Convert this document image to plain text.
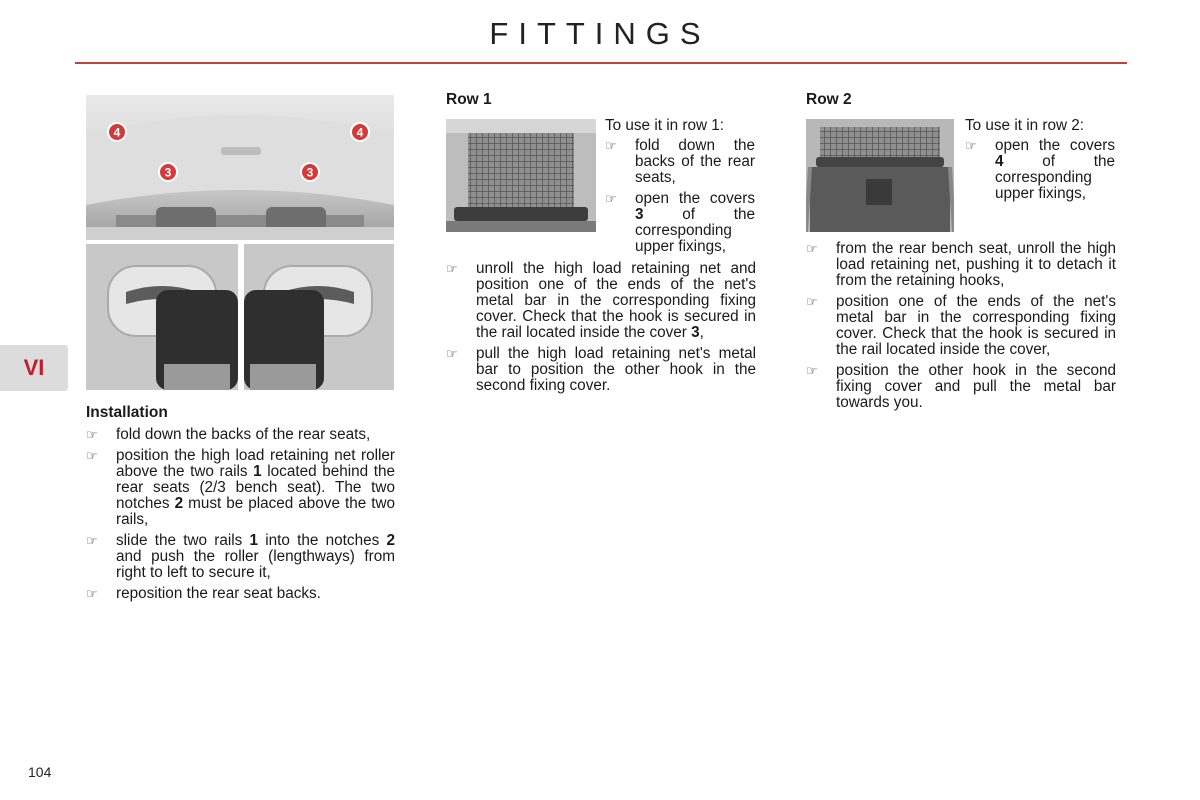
FITTINGS
VI
4	4
3	3
Installation
☞ fold down the backs of the rear seats,
☞ position the high load retaining net roller above the two rails 1 located behind the rear seats (2/3 bench seat). The two notches 2 must be placed above the two rails,
☞ slide the two rails 1 into the notches 2 and push the roller (lengthways) from right to left to secure it,
☞ reposition the rear seat backs.
Row 1
To use it in row 1:
☞ fold down the backs of the rear seats,
☞ open the covers 3 of the corresponding upper fixings,
☞ unroll the high load retaining net and position one of the ends of the net's metal bar in the corresponding fixing cover. Check that the hook is secured in the rail located inside the cover 3,
☞ pull the high load retaining net's metal bar to position the other hook in the second fixing cover.
Row 2
To use it in row 2:
☞ open the covers 4 of the corresponding upper fixings,
☞ from the rear bench seat, unroll the high load retaining net, pushing it to detach it from the retaining hooks,
☞ position one of the ends of the net's metal bar in the corresponding fixing cover. Check that the hook is secured in the rail located inside the cover,
☞ position the other hook in the second fixing cover and pull the metal bar towards you.
104
